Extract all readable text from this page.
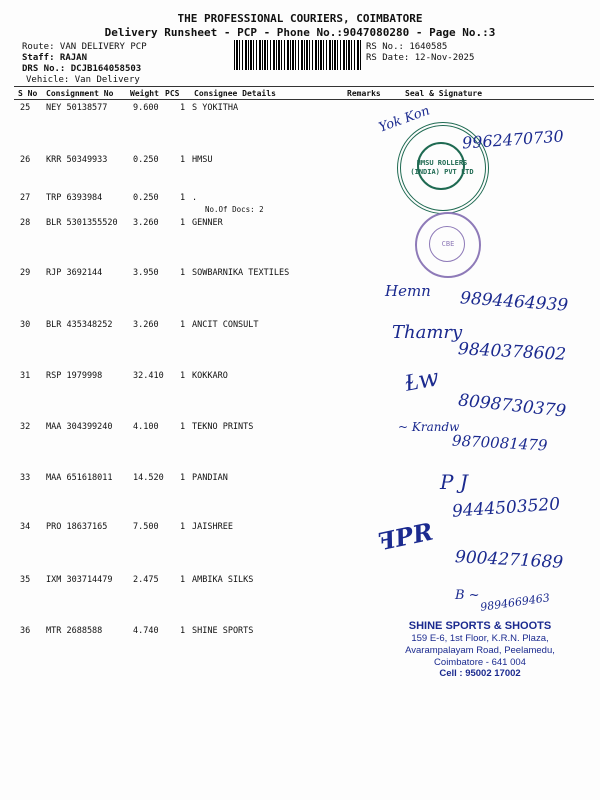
THE PROFESSIONAL COURIERS, COIMBATORE
Delivery Runsheet - PCP - Phone No.:9047080280 - Page No.:3
Route: VAN DELIVERY PCP
Staff: RAJAN
DRS No.: DCJB164058503
Vehicle: Van Delivery
RS No.: 1640585
RS Date: 12-Nov-2025
S No Consignment No Weight PCS Consignee Details	Remarks	Seal & Signature
25 NEY 50138577	9.600	1 S YOKITHA
26 KRR 50349933	0.250	1 HMSU
27 TRP 6393984	0.250	1 .
No.Of Docs: 2
28 BLR 5301355520 3.260	1 GENNER
29 RJP 3692144	3.950	1 SOWBARNIKA TEXTILES
30 BLR 435348252 3.260	1 ANCIT CONSULT
31 RSP 1979998	32.410 1 KOKKARO
32 MAA 304399240 4.100	1 TEKNO PRINTS
33 MAA 651618011 14.520 1 PANDIAN
34 PRO 18637165	7.500	1 JAISHREE
35 IXM 303714479 2.475	1 AMBIKA SILKS
36 MTR 2688588	4.740	1 SHINE SPORTS
HMSU ROLLERS (INDIA) PVT LTD
CBE
Yok Kon
9962470730
Hemn 9894464939
Thamry
9840378602
Ɫw
8098730379
~ Krandw
9870081479
P J
9444503520
ꟻPR
9004271689
B ~ 9894669463
SHINE SPORTS & SHOOTS
159 E-6, 1st Floor, K.R.N. Plaza,
Avarampalayam Road, Peelamedu,
Coimbatore - 641 004
Cell : 95002 17002
